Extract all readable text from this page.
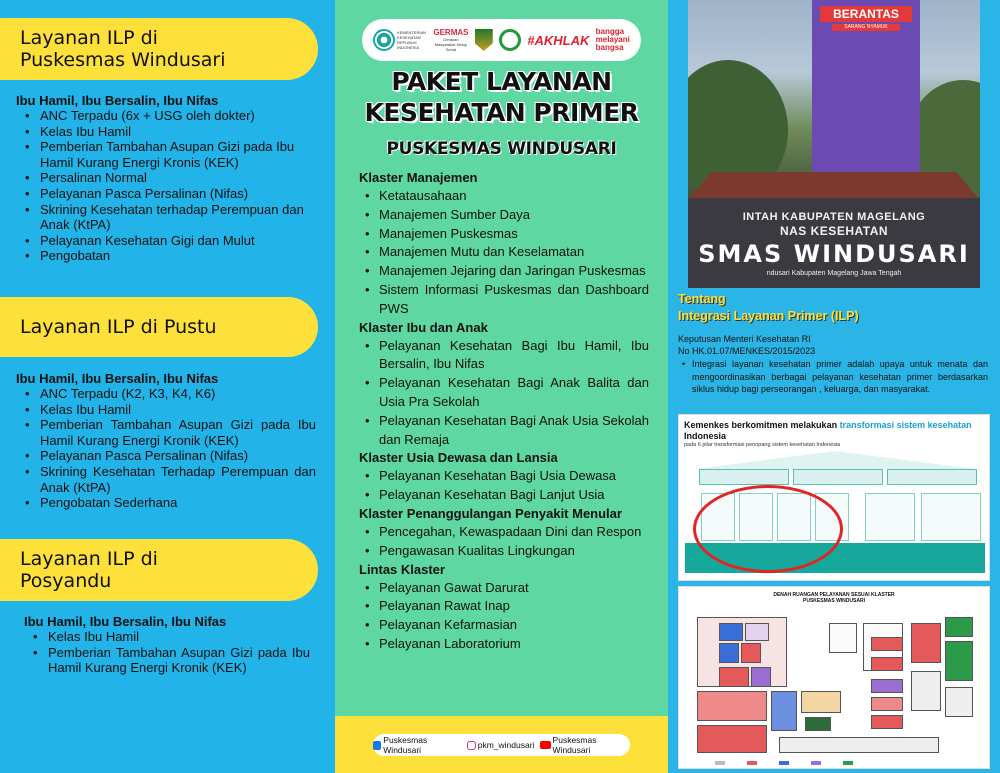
Layanan ILP di
Puskesmas Windusari
Ibu Hamil, Ibu Bersalin, Ibu Nifas
• ANC Terpadu (6x + USG oleh dokter)
• Kelas Ibu Hamil
• Pemberian Tambahan Asupan Gizi pada Ibu Hamil Kurang Energi Kronis (KEK)
• Persalinan Normal
• Pelayanan Pasca Persalinan (Nifas)
• Skrining Kesehatan terhadap Perempuan dan Anak (KtPA)
• Pelayanan Kesehatan Gigi dan Mulut
• Pengobatan
Layanan ILP di Pustu
Ibu Hamil, Ibu Bersalin, Ibu Nifas
• ANC Terpadu (K2, K3, K4, K6)
• Kelas Ibu Hamil
• Pemberian Tambahan Asupan Gizi pada Ibu Hamil Kurang Energi Kronik (KEK)
• Pelayanan Pasca Persalinan (Nifas)
• Skrining Kesehatan Terhadap Perempuan dan Anak (KtPA)
• Pengobatan Sederhana
Layanan ILP di
Posyandu
Ibu Hamil, Ibu Bersalin, Ibu Nifas
• Kelas Ibu Hamil
• Pemberian Tambahan Asupan Gizi pada Ibu Hamil Kurang Energi Kronik (KEK)
KEMENTERIAN KESEHATAN REPUBLIK INDONESIA
GERMAS
Gerakan Masyarakat Hidup Sehat
#AKHLAK
bangga
melayani
bangsa
PAKET LAYANAN
KESEHATAN PRIMER
PUSKESMAS WINDUSARI
Klaster Manajemen
• Ketatausahaan
• Manajemen Sumber Daya
• Manajemen Puskesmas
• Manajemen Mutu dan Keselamatan
• Manajemen Jejaring dan Jaringan Puskesmas
• Sistem Informasi Puskesmas dan Dashboard PWS
Klaster Ibu dan Anak
• Pelayanan Kesehatan Bagi Ibu Hamil, Ibu Bersalin, Ibu Nifas
• Pelayanan Kesehatan Bagi Anak Balita dan Usia Pra Sekolah
• Pelayanan Kesehatan Bagi Anak Usia Sekolah dan Remaja
Klaster Usia Dewasa dan Lansia
• Pelayanan Kesehatan Bagi Usia Dewasa
• Pelayanan Kesehatan Bagi Lanjut Usia
Klaster Penanggulangan Penyakit Menular
• Pencegahan, Kewaspadaan Dini dan Respon
• Pengawasan Kualitas Lingkungan
Lintas Klaster
• Pelayanan Gawat Darurat
• Pelayanan Rawat Inap
• Pelayanan Kefarmasian
• Pelayanan Laboratorium
Puskesmas Windusari	pkm_windusari Puskesmas Windusari
BERANTAS
SARANG NYAMUK
INTAH KABUPATEN MAGELANG
NAS KESEHATAN
SMAS WINDUSARI
ndusari Kabupaten Magelang Jawa Tengah
Tentang
Integrasi Layanan Primer (ILP)
Keputusan Menteri Kesehatan RI
No HK.01.07/MENKES/2015/2023
• Integrasi layanan kesehatan primer adalah upaya untuk menata dan mengoordinasikan berbagai pelayanan kesehatan primer berdasarkan siklus hidup bagi perseorangan , keluarga, dan masyarakat.
Kemenkes berkomitmen melakukan transformasi sistem kesehatan Indonesia
pada 6 pilar transformasi penopang sistem kesehatan Indonesia
DENAH RUANGAN PELAYANAN SESUAI KLASTER
PUSKESMAS WINDUSARI
